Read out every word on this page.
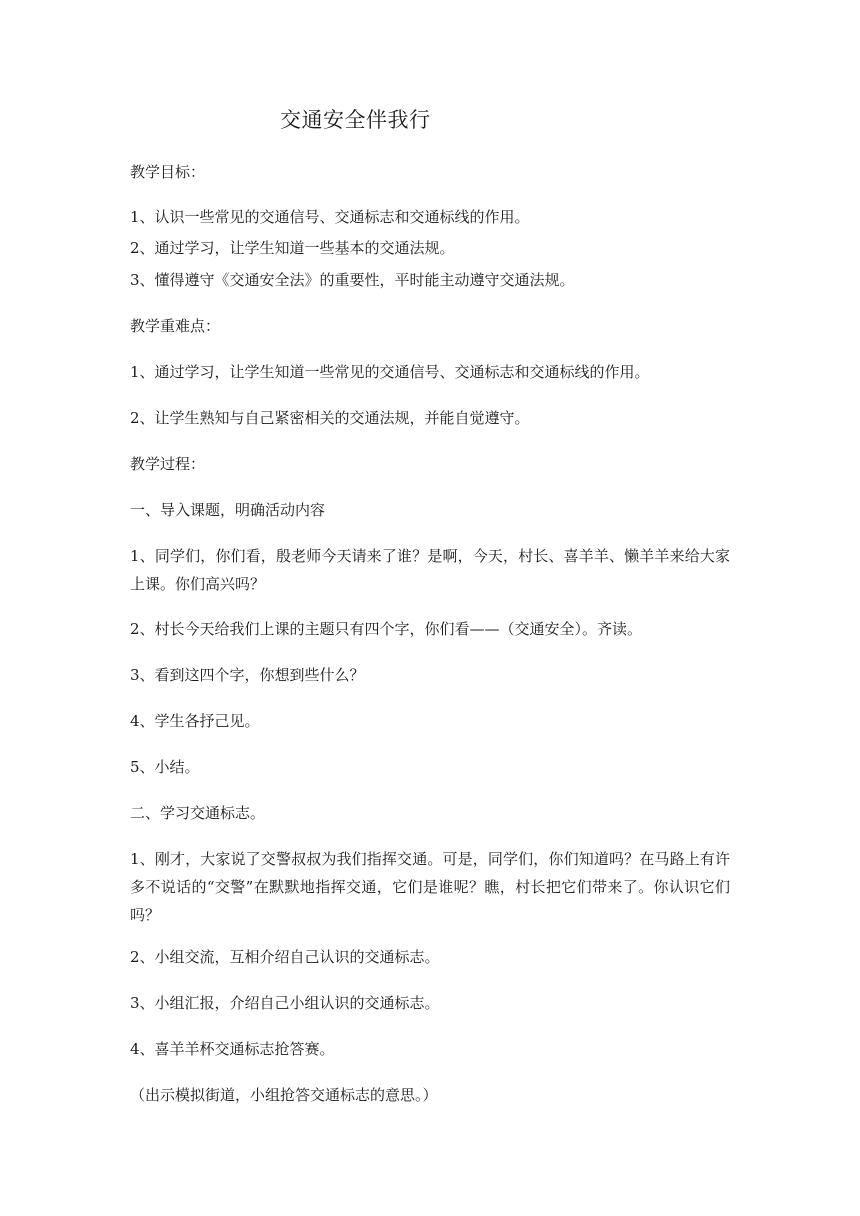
交通安全伴我行

教学目标：

1、认识一些常见的交通信号、交通标志和交通标线的作用。

2、通过学习，让学生知道一些基本的交通法规。

3、懂得遵守《交通安全法》的重要性，平时能主动遵守交通法规。

教学重难点：

1、通过学习，让学生知道一些常见的交通信号、交通标志和交通标线的作用。

2、让学生熟知与自己紧密相关的交通法规，并能自觉遵守。

教学过程：

一、导入课题，明确活动内容

1、同学们，你们看，殷老师今天请来了谁？是啊，今天，村长、喜羊羊、懒羊羊来给大家上课。你们高兴吗？

2、村长今天给我们上课的主题只有四个字，你们看——（交通安全）。齐读。

3、看到这四个字，你想到些什么？

4、学生各抒己见。

5、小结。

二、学习交通标志。

1、刚才，大家说了交警叔叔为我们指挥交通。可是，同学们，你们知道吗？在马路上有许多不说话的“交警”在默默地指挥交通，它们是谁呢？瞧，村长把它们带来了。你认识它们吗？

2、小组交流，互相介绍自己认识的交通标志。

3、小组汇报，介绍自己小组认识的交通标志。

4、喜羊羊杯交通标志抢答赛。

（出示模拟街道，小组抢答交通标志的意思。）
